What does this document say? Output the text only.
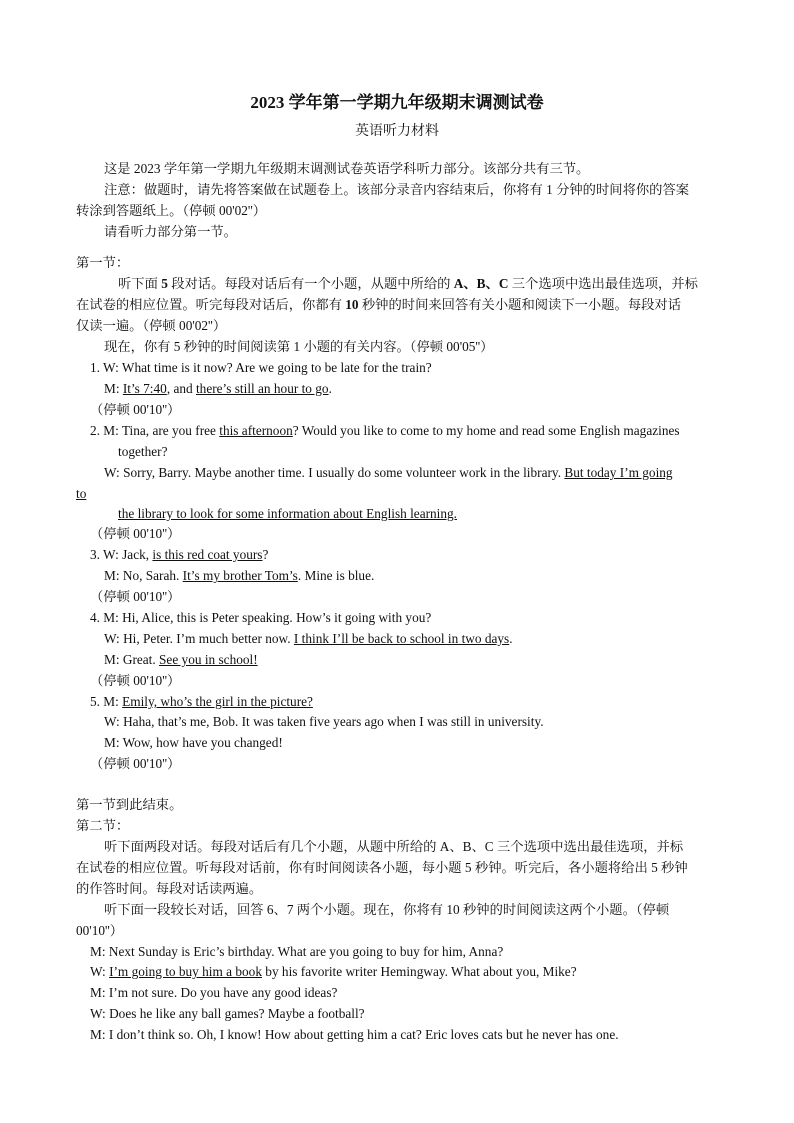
2023 学年第一学期九年级期末调测试卷
英语听力材料
这是 2023 学年第一学期九年级期末调测试卷英语学科听力部分。该部分共有三节。
注意：做题时，请先将答案做在试题卷上。该部分录音内容结束后，你将有 1 分钟的时间将你的答案
转涂到答题纸上。（停顿 00'02''）
请看听力部分第一节。
第一节：
听下面 5 段对话。每段对话后有一个小题，从题中所给的 A、B、C 三个选项中选出最佳选项，并标
在试卷的相应位置。听完每段对话后，你都有 10 秒钟的时间来回答有关小题和阅读下一小题。每段对话
仅读一遍。（停顿 00'02''）
现在，你有 5 秒钟的时间阅读第 1 小题的有关内容。（停顿 00'05''）
1. W: What time is it now? Are we going to be late for the train?
M: It’s 7:40, and there’s still an hour to go.
（停顿 00'10''）
2. M: Tina, are you free this afternoon? Would you like to come to my home and read some English magazines
together?
W: Sorry, Barry. Maybe another time. I usually do some volunteer work in the library. But today I’m going
to
the library to look for some information about English learning.
（停顿 00'10''）
3. W: Jack, is this red coat yours?
M: No, Sarah. It’s my brother Tom’s. Mine is blue.
（停顿 00'10''）
4. M: Hi, Alice, this is Peter speaking. How’s it going with you?
W: Hi, Peter. I’m much better now. I think I’ll be back to school in two days.
M: Great. See you in school!
（停顿 00'10''）
5. M: Emily, who’s the girl in the picture?
W: Haha, that’s me, Bob. It was taken five years ago when I was still in university.
M: Wow, how have you changed!
（停顿 00'10''）
第一节到此结束。
第二节：
听下面两段对话。每段对话后有几个小题，从题中所给的 A、B、C 三个选项中选出最佳选项，并标
在试卷的相应位置。听每段对话前，你有时间阅读各小题，每小题 5 秒钟。听完后，各小题将给出 5 秒钟
的作答时间。每段对话读两遍。
听下面一段较长对话，回答 6、7 两个小题。现在，你将有 10 秒钟的时间阅读这两个小题。（停顿
00'10''）
M: Next Sunday is Eric’s birthday. What are you going to buy for him, Anna?
W: I’m going to buy him a book by his favorite writer Hemingway. What about you, Mike?
M: I’m not sure. Do you have any good ideas?
W: Does he like any ball games? Maybe a football?
M: I don’t think so. Oh, I know! How about getting him a cat? Eric loves cats but he never has one.
